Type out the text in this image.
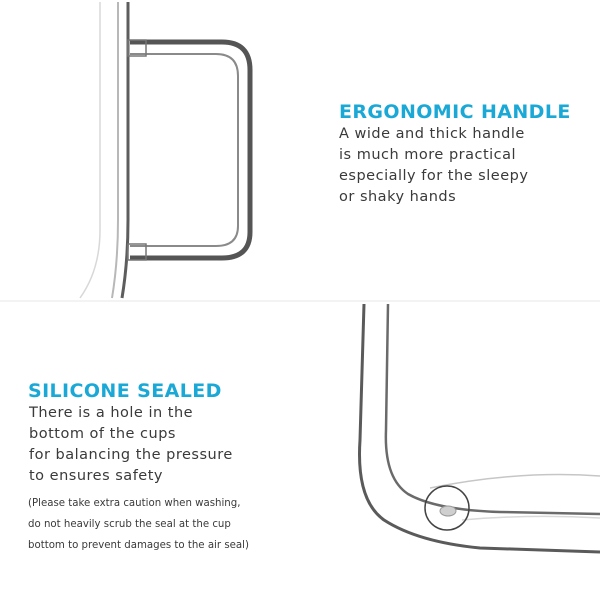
ERGONOMIC HANDLE

A wide and thick handle
is much more practical
especially for the sleepy
or shaky hands

SILICONE SEALED

There is a hole in the
bottom of the cups
for balancing the pressure
to ensures safety

(Please take extra caution when washing,
do not heavily scrub the seal at the cup
bottom to prevent damages to the air seal)
